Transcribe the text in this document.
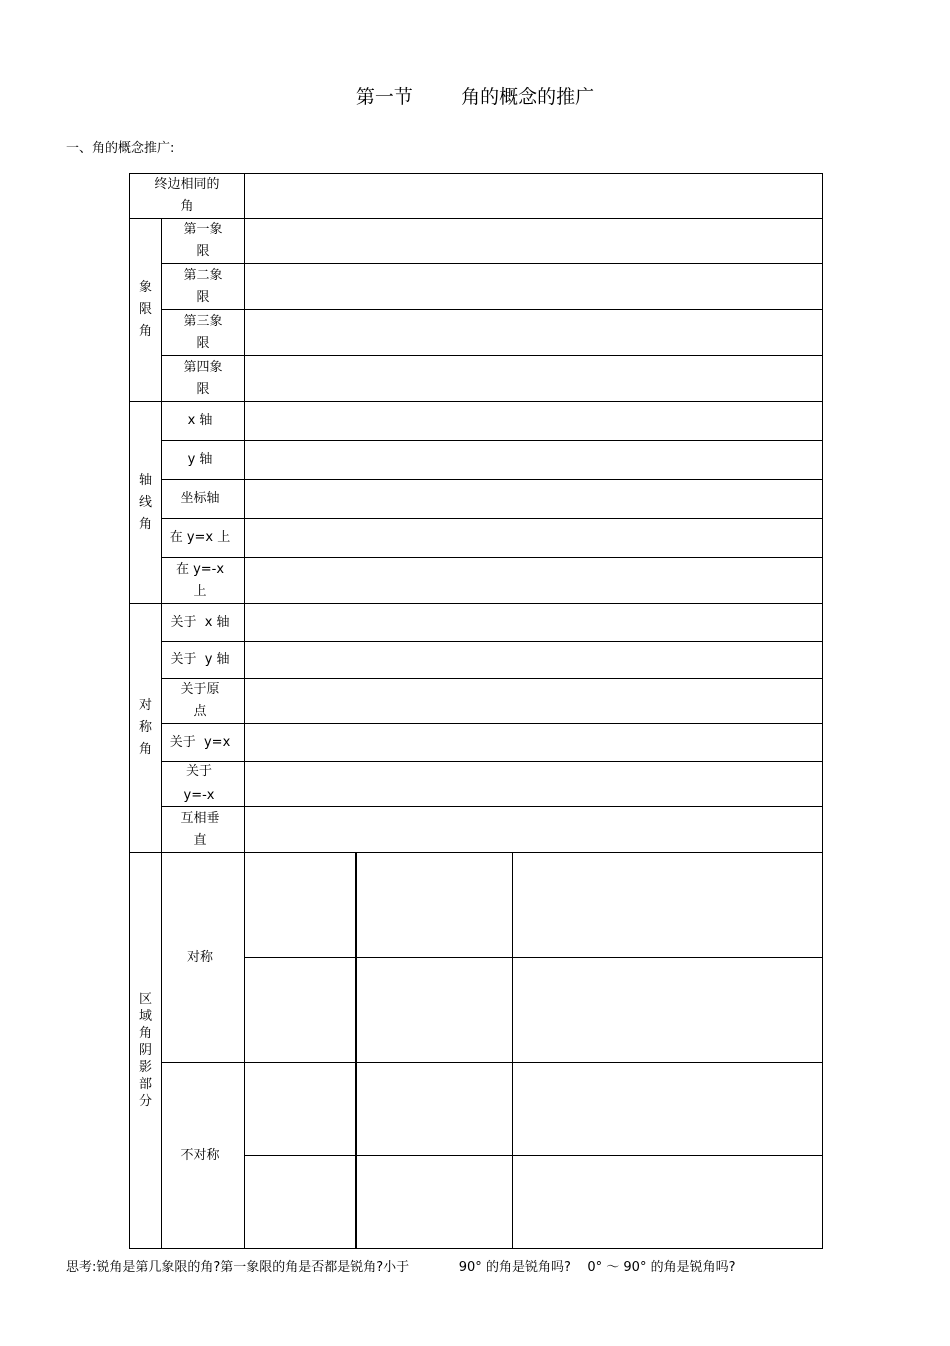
第一节        角的概念的推广
一、角的概念推广:
终边相同的
角
象
限
角
第一象
限
第二象
限
第三象
限
第四象
限
轴
线
角
x 轴
y 轴
坐标轴
在 y=x 上
在 y=-x
上
对
称
角
关于  x 轴
关于  y 轴
关于原
点
关于  y=x
关于
y=-x
互相垂
直
区
域
角
阴
影
部
分
对称
不对称
思考:锐角是第几象限的角?第一象限的角是否都是锐角?小于            90° 的角是锐角吗?    0° ～ 90° 的角是锐角吗?
